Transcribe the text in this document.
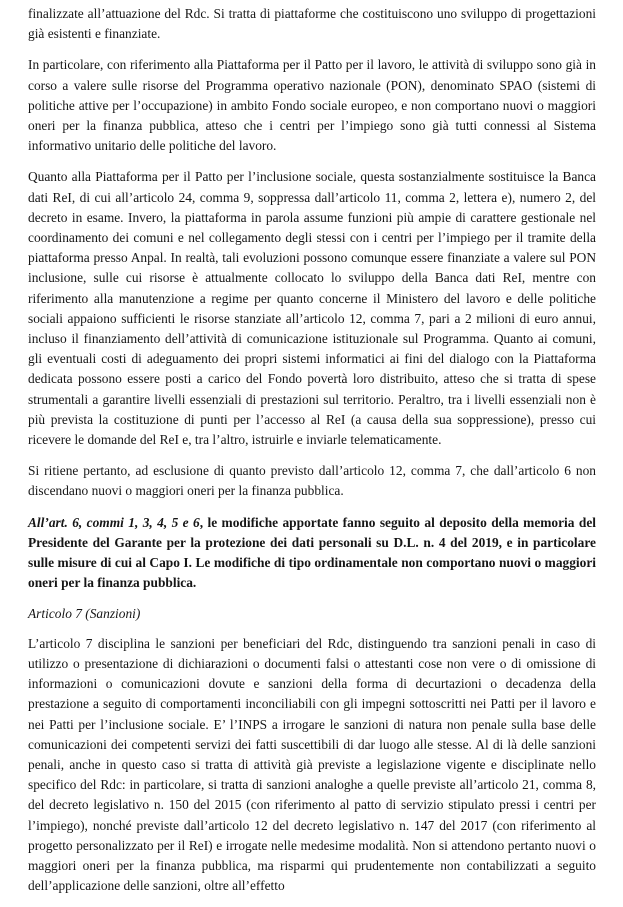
finalizzate all’attuazione del Rdc. Si tratta di piattaforme che costituiscono uno sviluppo di progettazioni già esistenti e finanziate.

In particolare, con riferimento alla Piattaforma per il Patto per il lavoro, le attività di sviluppo sono già in corso a valere sulle risorse del Programma operativo nazionale (PON), denominato SPAO (sistemi di politiche attive per l’occupazione) in ambito Fondo sociale europeo, e non comportano nuovi o maggiori oneri per la finanza pubblica, atteso che i centri per l’impiego sono già tutti connessi al Sistema informativo unitario delle politiche del lavoro.

Quanto alla Piattaforma per il Patto per l’inclusione sociale, questa sostanzialmente sostituisce la Banca dati ReI, di cui all’articolo 24, comma 9, soppressa dall’articolo 11, comma 2, lettera e), numero 2, del decreto in esame. Invero, la piattaforma in parola assume funzioni più ampie di carattere gestionale nel coordinamento dei comuni e nel collegamento degli stessi con i centri per l’impiego per il tramite della piattaforma presso Anpal. In realtà, tali evoluzioni possono comunque essere finanziate a valere sul PON inclusione, sulle cui risorse è attualmente collocato lo sviluppo della Banca dati ReI, mentre con riferimento alla manutenzione a regime per quanto concerne il Ministero del lavoro e delle politiche sociali appaiono sufficienti le risorse stanziate all’articolo 12, comma 7, pari a 2 milioni di euro annui, incluso il finanziamento dell’attività di comunicazione istituzionale sul Programma. Quanto ai comuni, gli eventuali costi di adeguamento dei propri sistemi informatici ai fini del dialogo con la Piattaforma dedicata possono essere posti a carico del Fondo povertà loro distribuito, atteso che si tratta di spese strumentali a garantire livelli essenziali di prestazioni sul territorio. Peraltro, tra i livelli essenziali non è più prevista la costituzione di punti per l’accesso al ReI (a causa della sua soppressione), presso cui ricevere le domande del ReI e, tra l’altro, istruirle e inviarle telematicamente.

Si ritiene pertanto, ad esclusione di quanto previsto dall’articolo 12, comma 7, che dall’articolo 6 non discendano nuovi o maggiori oneri per la finanza pubblica.

All’art. 6, commi 1, 3, 4, 5 e 6, le modifiche apportate fanno seguito al deposito della memoria del Presidente del Garante per la protezione dei dati personali su D.L. n. 4 del 2019, e in particolare sulle misure di cui al Capo I. Le modifiche di tipo ordinamentale non comportano nuovi o maggiori oneri per la finanza pubblica.

Articolo 7 (Sanzioni)

L’articolo 7 disciplina le sanzioni per beneficiari del Rdc, distinguendo tra sanzioni penali in caso di utilizzo o presentazione di dichiarazioni o documenti falsi o attestanti cose non vere o di omissione di informazioni o comunicazioni dovute e sanzioni della forma di decurtazioni o decadenza della prestazione a seguito di comportamenti inconciliabili con gli impegni sottoscritti nei Patti per il lavoro e nei Patti per l’inclusione sociale. E’ l’INPS a irrogare le sanzioni di natura non penale sulla base delle comunicazioni dei competenti servizi dei fatti suscettibili di dar luogo alle stesse. Al di là delle sanzioni penali, anche in questo caso si tratta di attività già previste a legislazione vigente e disciplinate nello specifico del Rdc: in particolare, si tratta di sanzioni analoghe a quelle previste all’articolo 21, comma 8, del decreto legislativo n. 150 del 2015 (con riferimento al patto di servizio stipulato pressi i centri per l’impiego), nonché previste dall’articolo 12 del decreto legislativo n. 147 del 2017 (con riferimento al progetto personalizzato per il ReI) e irrogate nelle medesime modalità. Non si attendono pertanto nuovi o maggiori oneri per la finanza pubblica, ma risparmi qui prudentemente non contabilizzati a seguito dell’applicazione delle sanzioni, oltre all’effetto
